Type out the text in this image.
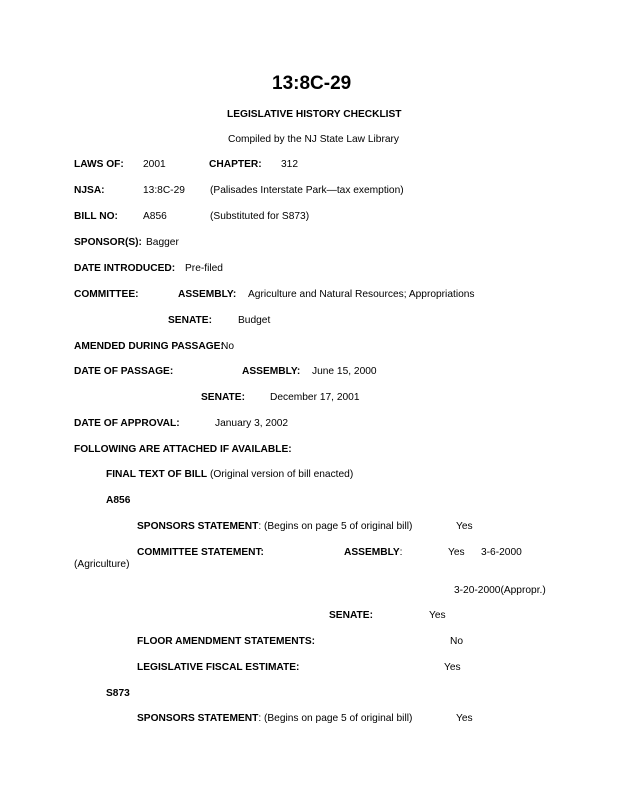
13:8C-29
LEGISLATIVE HISTORY CHECKLIST
Compiled by the NJ State Law Library
LAWS OF: 2001	CHAPTER: 312
NJSA:	13:8C-29 (Palisades Interstate Park—tax exemption)
BILL NO: A856	(Substituted for S873)
SPONSOR(S): Bagger
DATE INTRODUCED: Pre-filed
COMMITTEE:	ASSEMBLY: Agriculture and Natural Resources; Appropriations
SENATE:	Budget
AMENDED DURING PASSAGE:
No
DATE OF PASSAGE:	ASSEMBLY: June 15, 2000
SENATE: December 17, 2001
DATE OF APPROVAL:	January 3, 2002
FOLLOWING ARE ATTACHED IF AVAILABLE:
FINAL TEXT OF BILL (Original version of bill enacted)
A856
SPONSORS STATEMENT: (Begins on page 5 of original bill)	Yes
COMMITTEE STATEMENT:	ASSEMBLY:	Yes 3-6-2000
(Agriculture)
3-20-2000(Appropr.)
SENATE:	Yes
FLOOR AMENDMENT STATEMENTS:	No
LEGISLATIVE FISCAL ESTIMATE:	Yes
S873
SPONSORS STATEMENT: (Begins on page 5 of original bill)	Yes
